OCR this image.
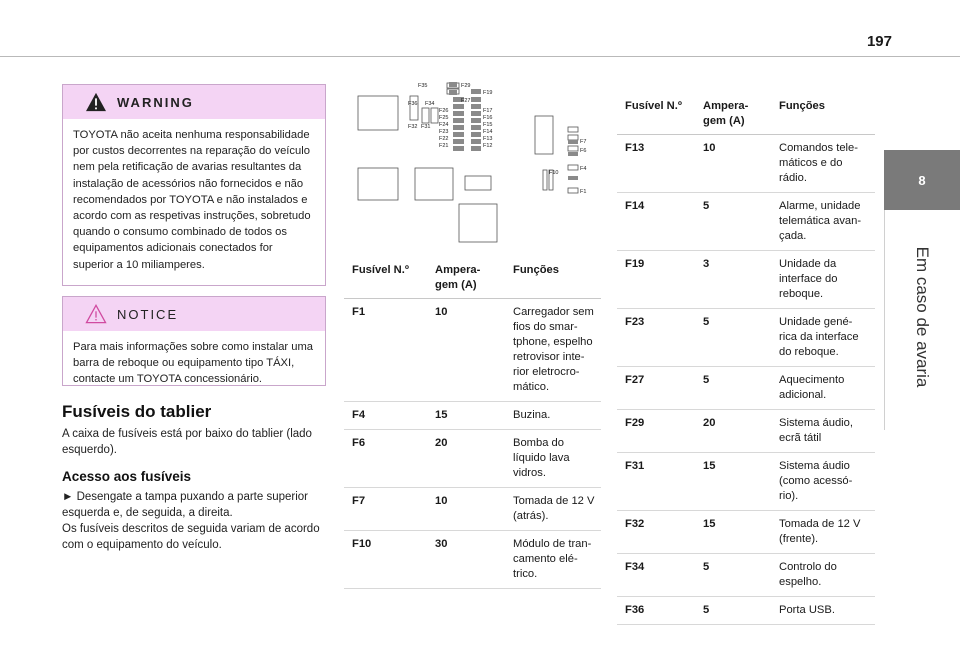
197
8
Em caso de avaria
WARNING
TOYOTA não aceita nenhuma responsabilidade por custos decorrentes na reparação do veículo nem pela retificação de avarias resultantes da instalação de acessórios não fornecidos e não recomendados por TOYOTA e não instalados e acordo com as respetivas instruções, sobretudo quando o consumo combinado de todos os equipamentos adicionais conectados for superior a 10 miliamperes.
NOTICE
Para mais informações sobre como instalar uma barra de reboque ou equipamento tipo TÁXI, contacte um TOYOTA concessionário.
Fusíveis do tablier
A caixa de fusíveis está por baixo do tablier (lado esquerdo).
Acesso aos fusíveis
► Desengate a tampa puxando a parte superior esquerda e, de seguida, a direita.
Os fusíveis descritos de seguida variam de acordo com o equipamento do veículo.
F35
F36 F34
F32 F31
F29
F19
F27
F26	F17
F25	F16
F24	F15
F23	F14
F22	F13
F21	F12
F7
F6
F4
F10
F1
Fusível N.º	Ampera-gem (A)	Funções
F1	10	Carregador sem fios do smar-tphone, espelho retrovisor inte-rior eletrocro-mático.
F4	15	Buzina.
F6	20	Bomba do líquido lava vidros.
F7	10	Tomada de 12 V (atrás).
F10	30	Módulo de tran-camento elé-trico.
Fusível N.º	Ampera-gem (A)	Funções
F13	10	Comandos tele-máticos e do rádio.
F14	5	Alarme, unidade telemática avan-çada.
F19	3	Unidade da interface do reboque.
F23	5	Unidade gené-rica da interface do reboque.
F27	5	Aquecimento adicional.
F29	20	Sistema áudio, ecrã tátil
F31	15	Sistema áudio (como acessó-rio).
F32	15	Tomada de 12 V (frente).
F34	5	Controlo do espelho.
F36	5	Porta USB.
